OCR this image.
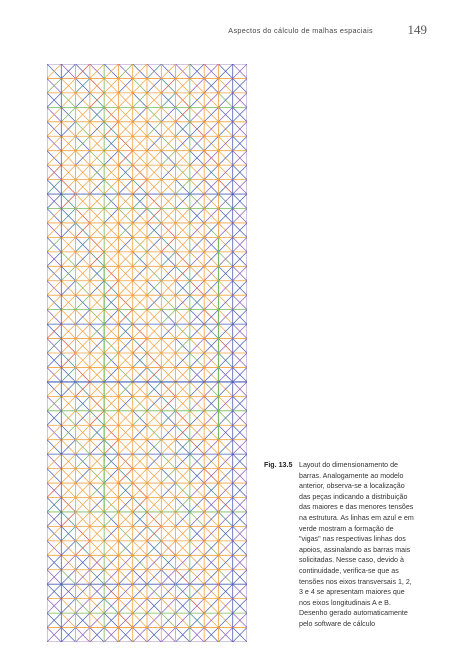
Aspectos do cálculo de malhas espaciais	149
Fig. 13.5 Layout do dimensionamento de barras. Analogamente ao modelo anterior, observa-se a localização das peças indicando a distribuição das maiores e das menores tensões na estrutura. As linhas em azul e em verde mostram a formação de "vigas" nas respectivas linhas dos apoios, assinalando as barras mais solicitadas. Nesse caso, devido à continuidade, verifica-se que as tensões nos eixos transversais 1, 2, 3 e 4 se apresentam maiores que nos eixos longitudinais A e B. Desenho gerado automaticamente pelo software de cálculo
